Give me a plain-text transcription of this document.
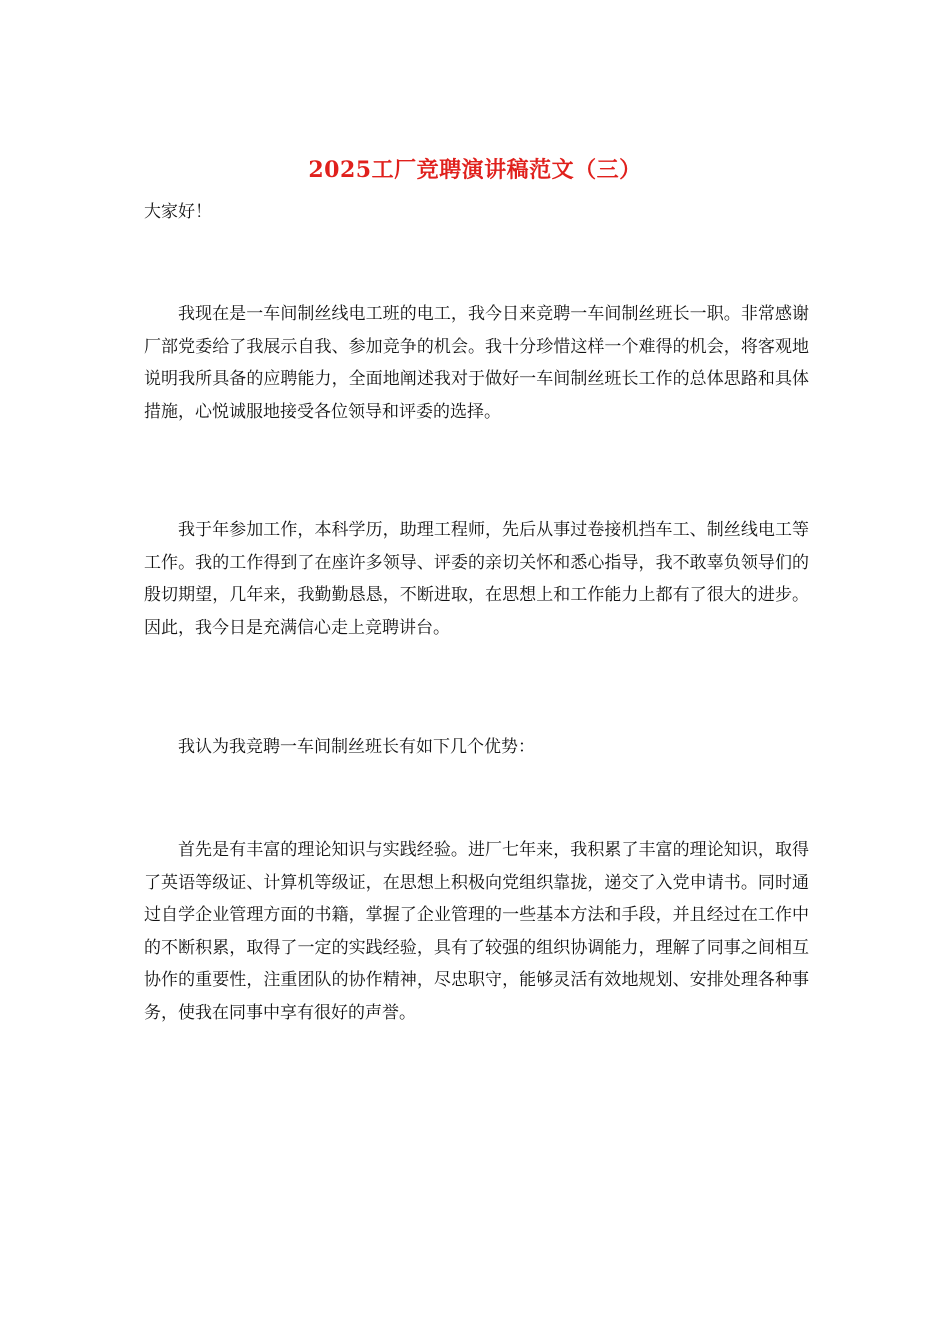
2025工厂竞聘演讲稿范文（三）
大家好！

我现在是一车间制丝线电工班的电工，我今日来竞聘一车间制丝班长一职。非常感谢厂部党委给了我展示自我、参加竞争的机会。我十分珍惜这样一个难得的机会，将客观地说明我所具备的应聘能力，全面地阐述我对于做好一车间制丝班长工作的总体思路和具体措施，心悦诚服地接受各位领导和评委的选择。

我于年参加工作，本科学历，助理工程师，先后从事过卷接机挡车工、制丝线电工等工作。我的工作得到了在座许多领导、评委的亲切关怀和悉心指导，我不敢辜负领导们的殷切期望，几年来，我勤勤恳恳，不断进取，在思想上和工作能力上都有了很大的进步。因此，我今日是充满信心走上竞聘讲台。

我认为我竞聘一车间制丝班长有如下几个优势：

首先是有丰富的理论知识与实践经验。进厂七年来，我积累了丰富的理论知识，取得了英语等级证、计算机等级证，在思想上积极向党组织靠拢，递交了入党申请书。同时通过自学企业管理方面的书籍，掌握了企业管理的一些基本方法和手段，并且经过在工作中的不断积累，取得了一定的实践经验，具有了较强的组织协调能力，理解了同事之间相互协作的重要性，注重团队的协作精神，尽忠职守，能够灵活有效地规划、安排处理各种事务，使我在同事中享有很好的声誉。
